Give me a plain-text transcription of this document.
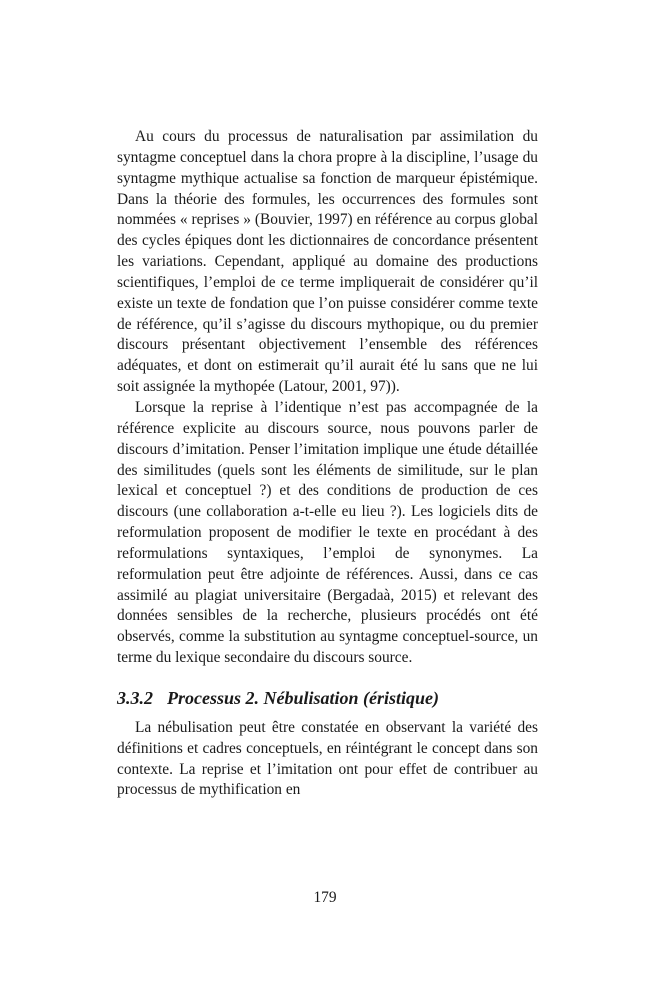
Au cours du processus de naturalisation par assimilation du syntagme conceptuel dans la chora propre à la discipline, l’usage du syntagme mythique actualise sa fonction de marqueur épistémique. Dans la théorie des formules, les occurrences des formules sont nommées « reprises » (Bouvier, 1997) en référence au corpus global des cycles épiques dont les dictionnaires de concordance présentent les variations. Cependant, appliqué au domaine des productions scientifiques, l’emploi de ce terme impliquerait de considérer qu’il existe un texte de fondation que l’on puisse considérer comme texte de référence, qu’il s’agisse du discours mythopique, ou du premier discours présentant objectivement l’ensemble des références adéquates, et dont on estimerait qu’il aurait été lu sans que ne lui soit assignée la mythopée (Latour, 2001, 97)).

Lorsque la reprise à l’identique n’est pas accompagnée de la référence explicite au discours source, nous pouvons parler de discours d’imitation. Penser l’imitation implique une étude détaillée des similitudes (quels sont les éléments de similitude, sur le plan lexical et conceptuel ?) et des conditions de production de ces discours (une collaboration a-t-elle eu lieu ?). Les logiciels dits de reformulation proposent de modifier le texte en procédant à des reformulations syntaxiques, l’emploi de synonymes. La reformulation peut être adjointe de références. Aussi, dans ce cas assimilé au plagiat universitaire (Bergadaà, 2015) et relevant des données sensibles de la recherche, plusieurs procédés ont été observés, comme la substitution au syntagme conceptuel-source, un terme du lexique secondaire du discours source.

3.3.2 Processus 2. Nébulisation (éristique)

La nébulisation peut être constatée en observant la variété des définitions et cadres conceptuels, en réintégrant le concept dans son contexte. La reprise et l’imitation ont pour effet de contribuer au processus de mythification en

179
